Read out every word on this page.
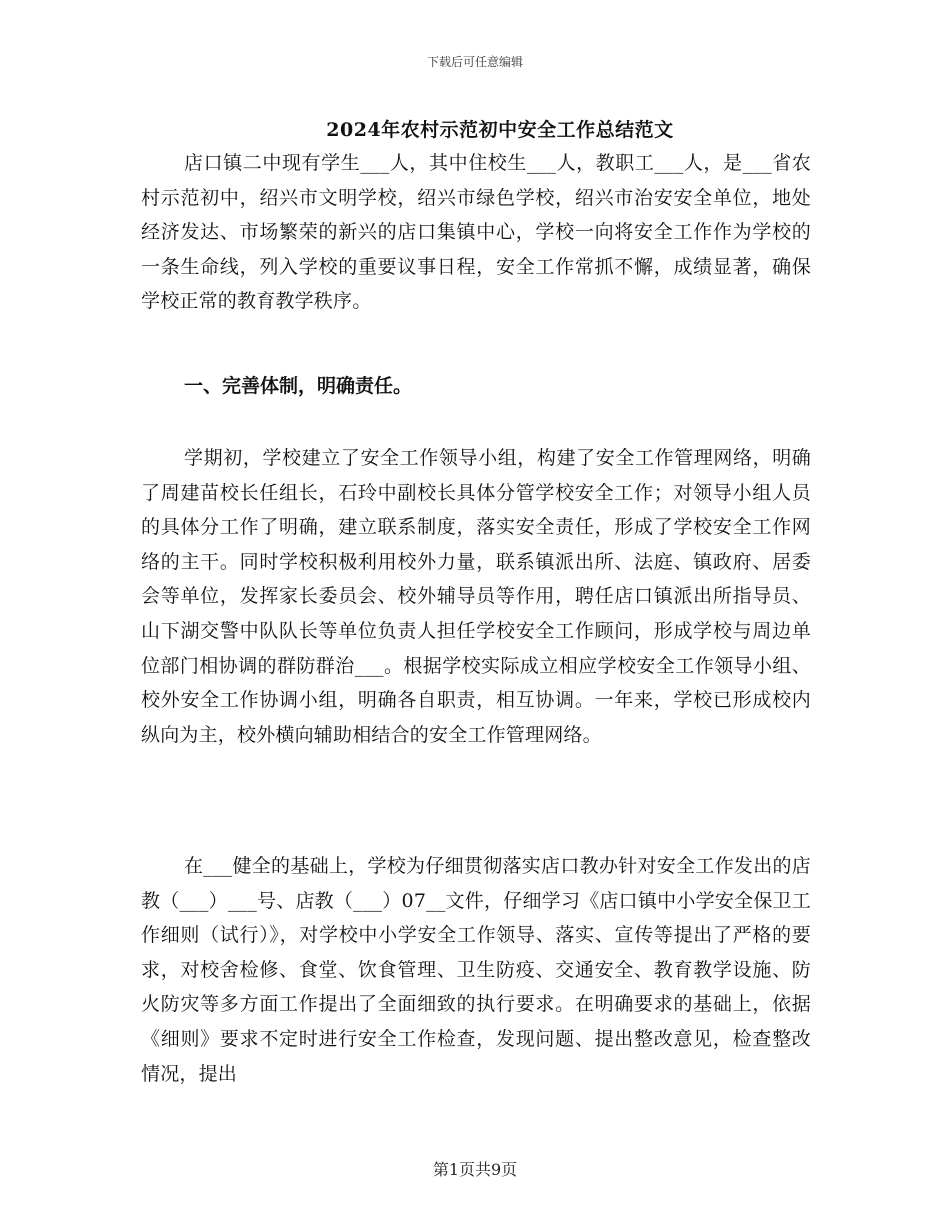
下载后可任意编辑
2024年农村示范初中安全工作总结范文

店口镇二中现有学生___人，其中住校生___人，教职工___人，是___省农村示范初中，绍兴市文明学校，绍兴市绿色学校，绍兴市治安安全单位，地处经济发达、市场繁荣的新兴的店口集镇中心，学校一向将安全工作作为学校的一条生命线，列入学校的重要议事日程，安全工作常抓不懈，成绩显著，确保学校正常的教育教学秩序。

一、完善体制，明确责任。

学期初，学校建立了安全工作领导小组，构建了安全工作管理网络，明确了周建苗校长任组长，石玲中副校长具体分管学校安全工作；对领导小组人员的具体分工作了明确，建立联系制度，落实安全责任，形成了学校安全工作网络的主干。同时学校积极利用校外力量，联系镇派出所、法庭、镇政府、居委会等单位，发挥家长委员会、校外辅导员等作用，聘任店口镇派出所指导员、山下湖交警中队队长等单位负责人担任学校安全工作顾问，形成学校与周边单位部门相协调的群防群治___。根据学校实际成立相应学校安全工作领导小组、校外安全工作协调小组，明确各自职责，相互协调。一年来，学校已形成校内纵向为主，校外横向辅助相结合的安全工作管理网络。

在___健全的基础上，学校为仔细贯彻落实店口教办针对安全工作发出的店教（___）___号、店教（___）07__文件，仔细学习《店口镇中小学安全保卫工作细则（试行）》，对学校中小学安全工作领导、落实、宣传等提出了严格的要求，对校舍检修、食堂、饮食管理、卫生防疫、交通安全、教育教学设施、防火防灾等多方面工作提出了全面细致的执行要求。在明确要求的基础上，依据《细则》要求不定时进行安全工作检查，发现问题、提出整改意见，检查整改情况，提出

第1页共9页
